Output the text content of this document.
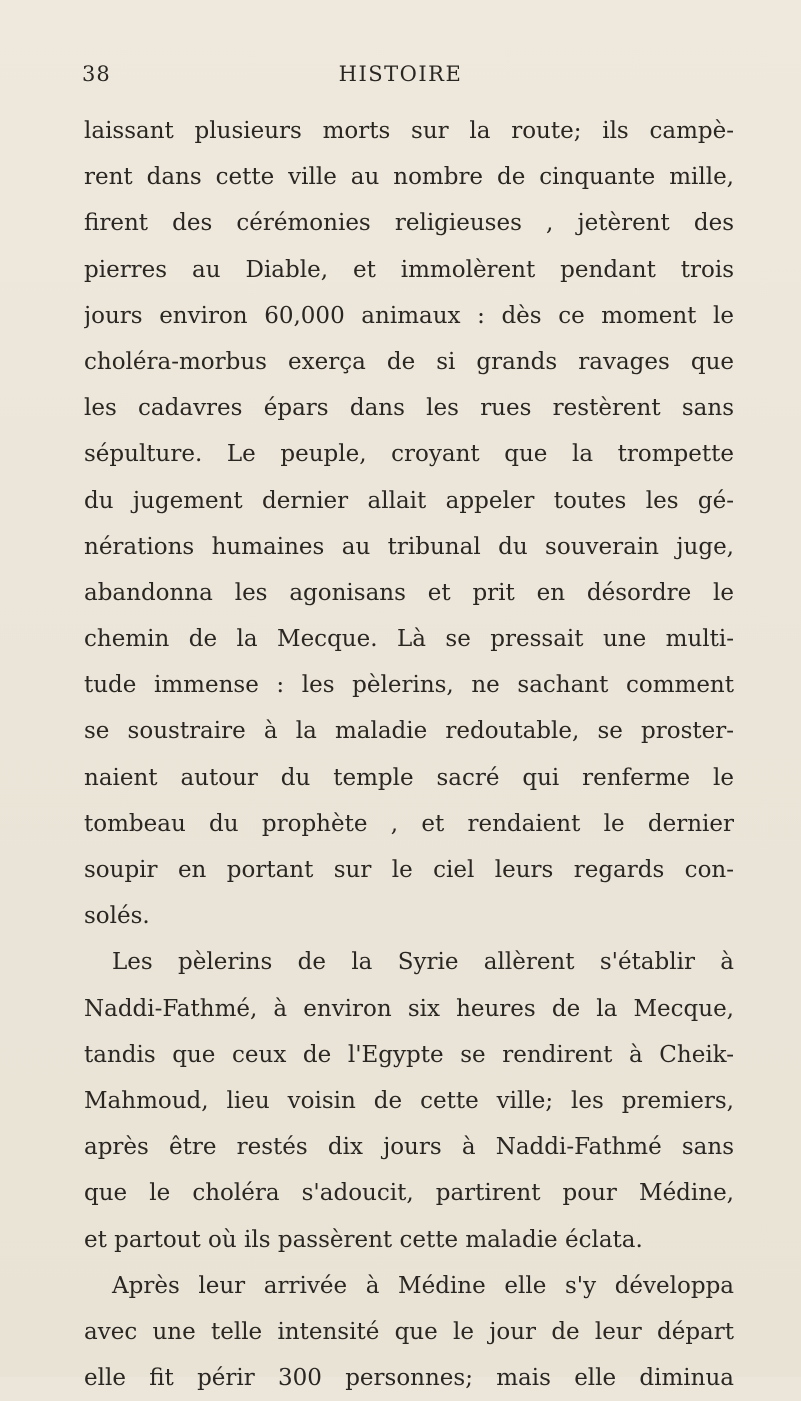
38	HISTOIRE
laissant plusieurs morts sur la route; ils campè-
rent dans cette ville au nombre de cinquante mille,
firent des cérémonies religieuses , jetèrent des
pierres au Diable, et immolèrent pendant trois
jours environ 60,000 animaux : dès ce moment le
choléra-morbus exerça de si grands ravages que
les cadavres épars dans les rues restèrent sans
sépulture. Le peuple, croyant que la trompette
du jugement dernier allait appeler toutes les gé-
nérations humaines au tribunal du souverain juge,
abandonna les agonisans et prit en désordre le
chemin de la Mecque. Là se pressait une multi-
tude immense : les pèlerins, ne sachant comment
se soustraire à la maladie redoutable, se proster-
naient autour du temple sacré qui renferme le
tombeau du prophète , et rendaient le dernier
soupir en portant sur le ciel leurs regards con-
solés.
Les pèlerins de la Syrie allèrent s'établir à
Naddi-Fathmé, à environ six heures de la Mecque,
tandis que ceux de l'Egypte se rendirent à Cheik-
Mahmoud, lieu voisin de cette ville; les premiers,
après être restés dix jours à Naddi-Fathmé sans
que le choléra s'adoucit, partirent pour Médine,
et partout où ils passèrent cette maladie éclata.
Après leur arrivée à Médine elle s'y développa
avec une telle intensité que le jour de leur départ
elle fit périr 300 personnes; mais elle diminua
